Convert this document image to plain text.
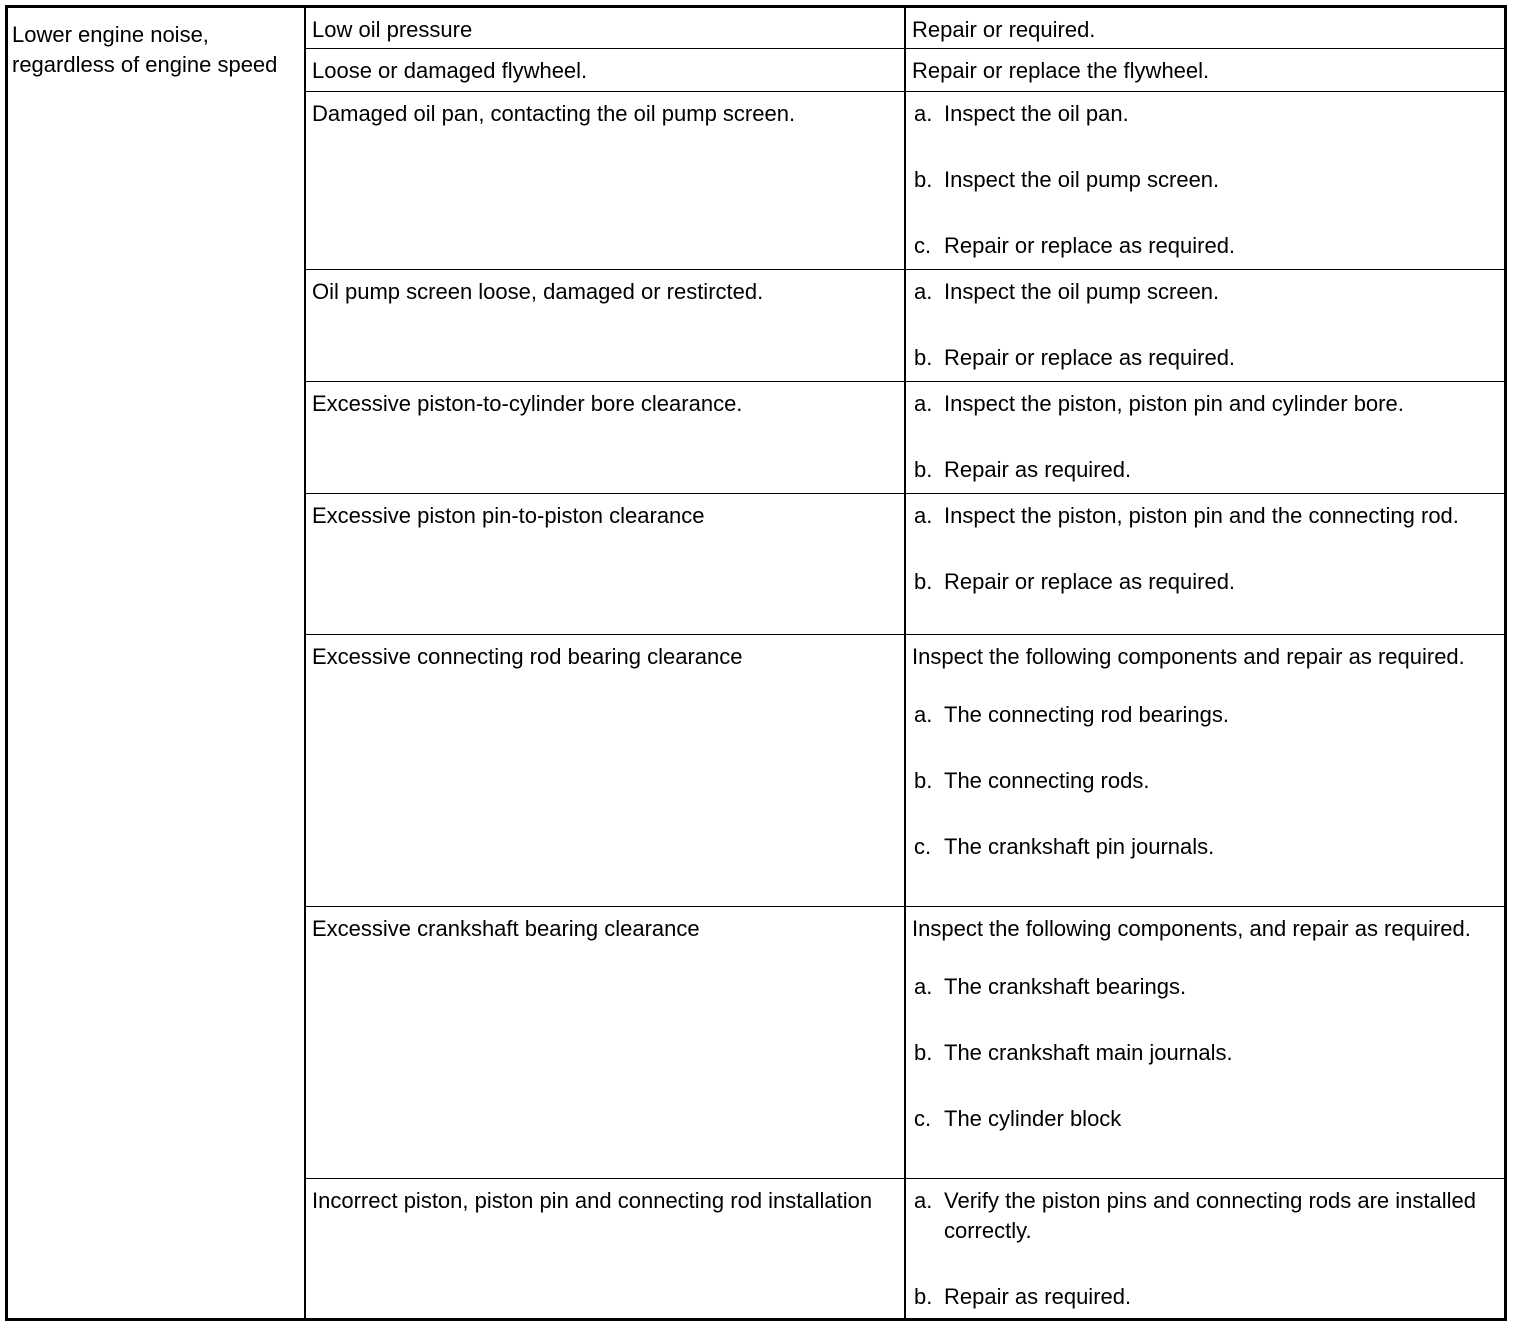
Lower engine noise, regardless of engine speed
Low oil pressure	Repair or required.
Loose or damaged flywheel.	Repair or replace the flywheel.
Damaged oil pan, contacting the oil pump screen.	a. Inspect the oil pan.
b. Inspect the oil pump screen.
c. Repair or replace as required.
Oil pump screen loose, damaged or restircted.	a. Inspect the oil pump screen.
b. Repair or replace as required.
Excessive piston-to-cylinder bore clearance.	a. Inspect the piston, piston pin and cylinder bore.
b. Repair as required.
Excessive piston pin-to-piston clearance	a. Inspect the piston, piston pin and the connecting rod.
b. Repair or replace as required.
Excessive connecting rod bearing clearance	Inspect the following components and repair as required.
a. The connecting rod bearings.
b. The connecting rods.
c. The crankshaft pin journals.
Excessive crankshaft bearing clearance	Inspect the following components, and repair as required.
a. The crankshaft bearings.
b. The crankshaft main journals.
c. The cylinder block
Incorrect piston, piston pin and connecting rod installation	a. Verify the piston pins and connecting rods are installed correctly.
b. Repair as required.
